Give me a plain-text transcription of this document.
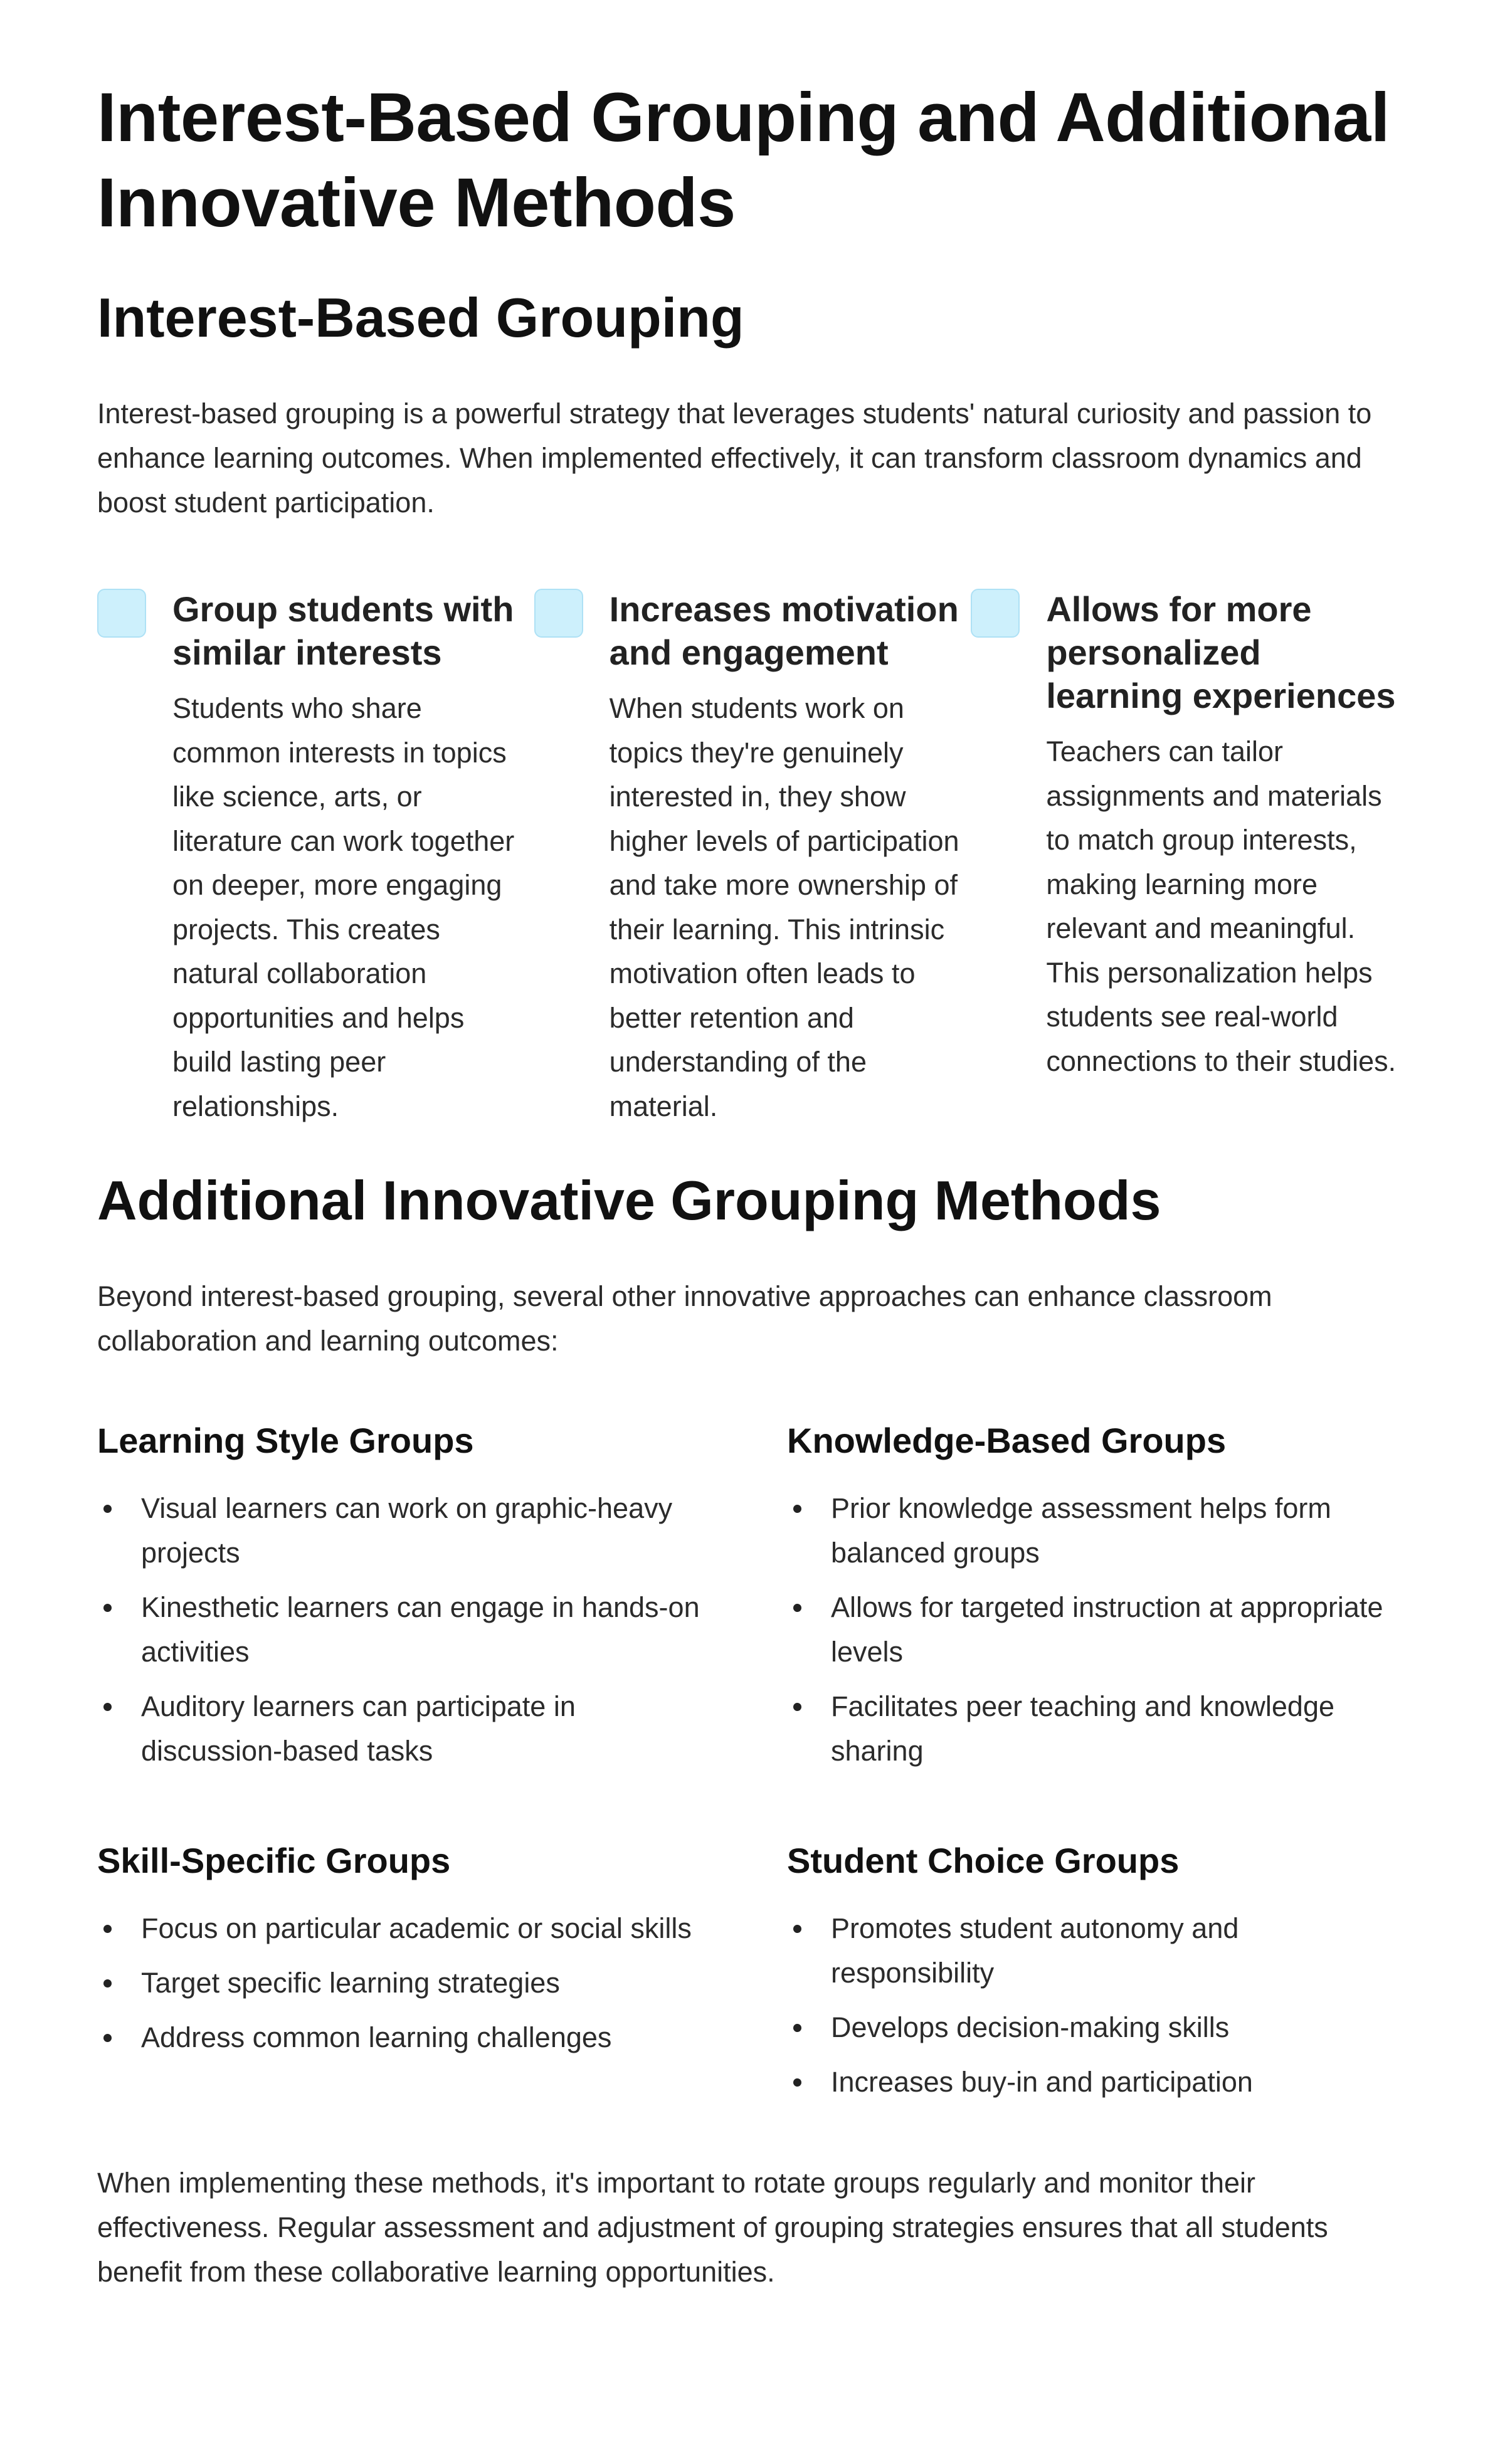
Interest-Based Grouping and Additional Innovative Methods
Interest-Based Grouping

Interest-based grouping is a powerful strategy that leverages students' natural curiosity and passion to enhance learning outcomes. When implemented effectively, it can transform classroom dynamics and boost student participation.

Group students with similar interests

Students who share common interests in topics like science, arts, or literature can work together on deeper, more engaging projects. This creates natural collaboration opportunities and helps build lasting peer relationships.

Increases motivation and engagement

When students work on topics they're genuinely interested in, they show higher levels of participation and take more ownership of their learning. This intrinsic motivation often leads to better retention and understanding of the material.

Allows for more personalized learning experiences

Teachers can tailor assignments and materials to match group interests, making learning more relevant and meaningful. This personalization helps students see real-world connections to their studies.

Additional Innovative Grouping Methods

Beyond interest-based grouping, several other innovative approaches can enhance classroom collaboration and learning outcomes:

Learning Style Groups
Visual learners can work on graphic-heavy projects
Kinesthetic learners can engage in hands-on activities
Auditory learners can participate in discussion-based tasks
Knowledge-Based Groups
Prior knowledge assessment helps form balanced groups
Allows for targeted instruction at appropriate levels
Facilitates peer teaching and knowledge sharing
Skill-Specific Groups
Focus on particular academic or social skills
Target specific learning strategies
Address common learning challenges
Student Choice Groups
Promotes student autonomy and responsibility
Develops decision-making skills
Increases buy-in and participation

When implementing these methods, it's important to rotate groups regularly and monitor their effectiveness. Regular assessment and adjustment of grouping strategies ensures that all students benefit from these collaborative learning opportunities.
